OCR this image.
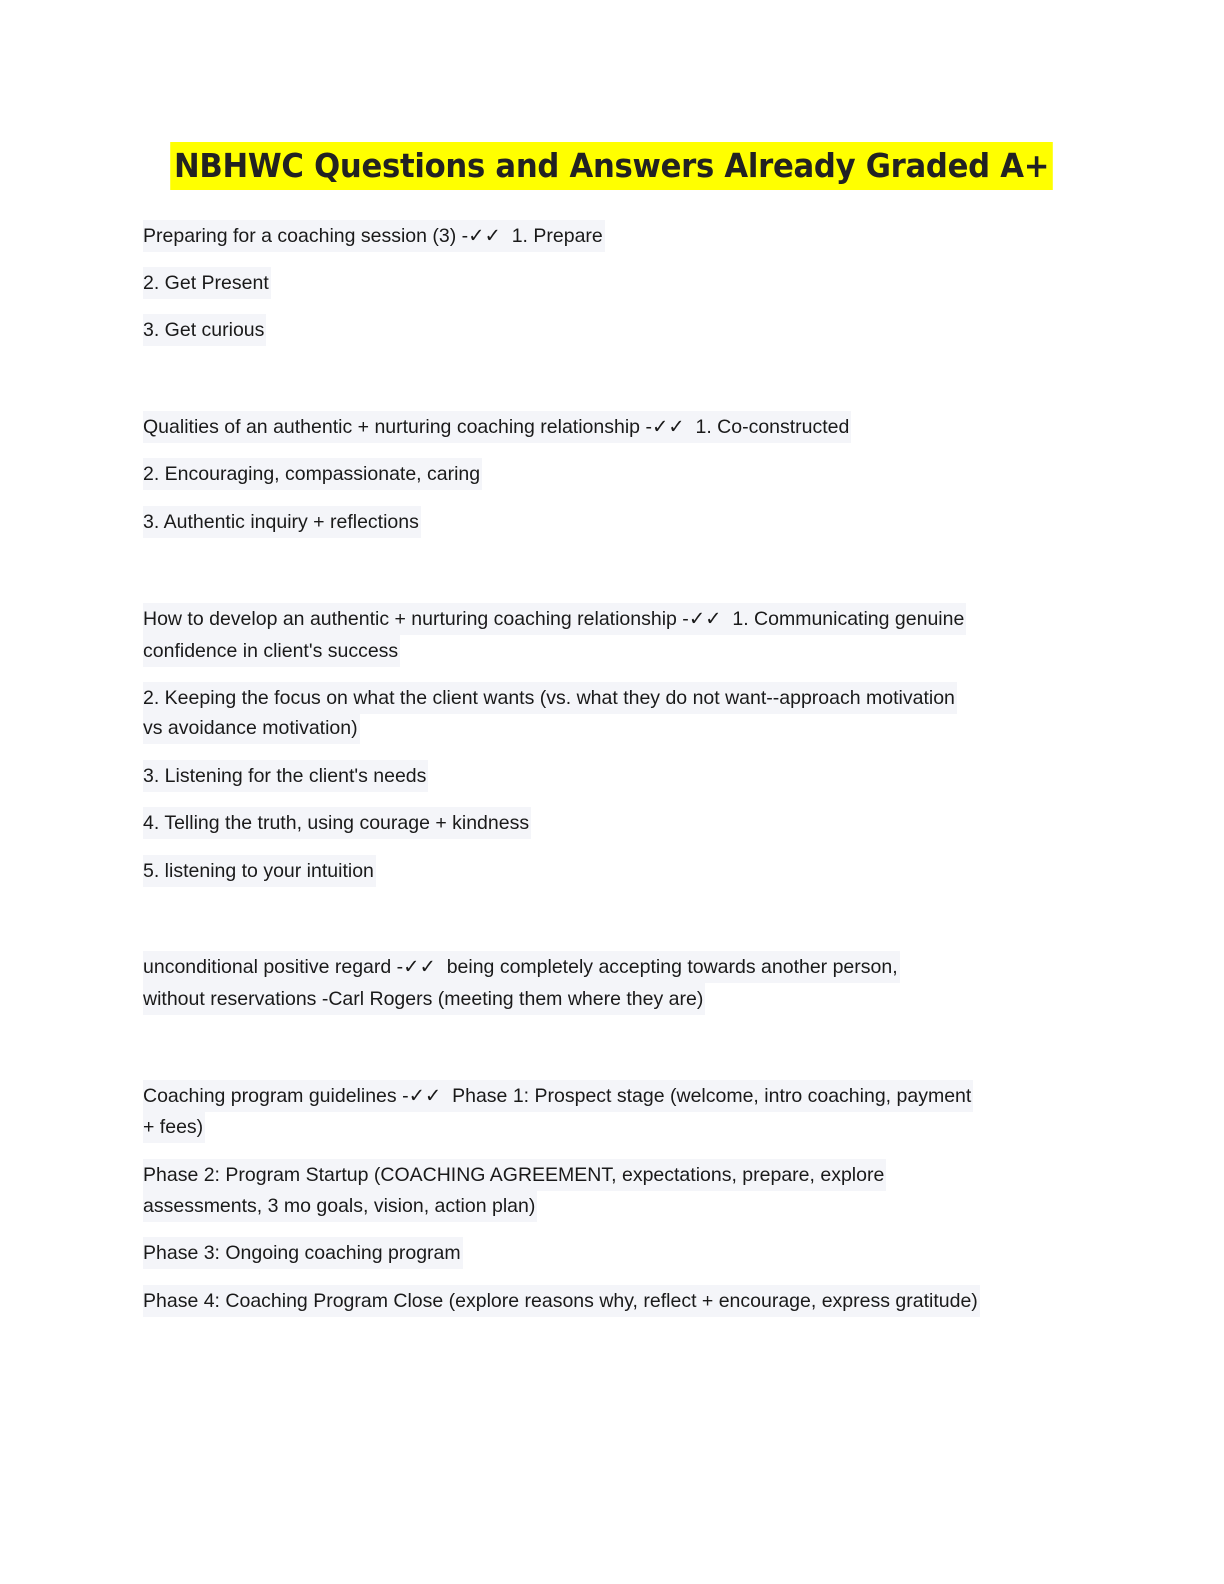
NBHWC Questions and Answers Already Graded A+
Preparing for a coaching session (3) -✓✓ 1. Prepare
2. Get Present
3. Get curious
Qualities of an authentic + nurturing coaching relationship -✓✓ 1. Co-constructed
2. Encouraging, compassionate, caring
3. Authentic inquiry + reflections
How to develop an authentic + nurturing coaching relationship -✓✓ 1. Communicating genuine
confidence in client's success
2. Keeping the focus on what the client wants (vs. what they do not want--approach motivation
vs avoidance motivation)
3. Listening for the client's needs
4. Telling the truth, using courage + kindness
5. listening to your intuition
unconditional positive regard -✓✓ being completely accepting towards another person,
without reservations -Carl Rogers (meeting them where they are)
Coaching program guidelines -✓✓ Phase 1: Prospect stage (welcome, intro coaching, payment
+ fees)
Phase 2: Program Startup (COACHING AGREEMENT, expectations, prepare, explore
assessments, 3 mo goals, vision, action plan)
Phase 3: Ongoing coaching program
Phase 4: Coaching Program Close (explore reasons why, reflect + encourage, express gratitude)
